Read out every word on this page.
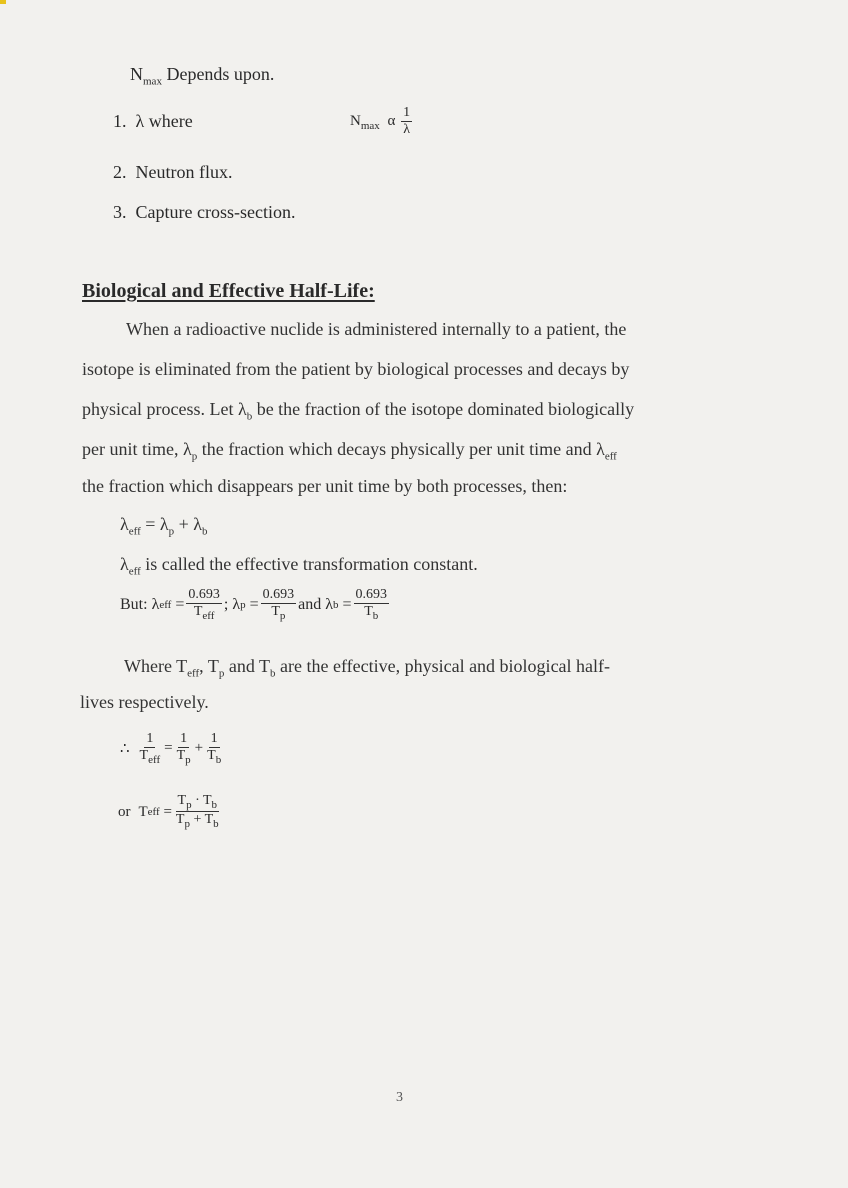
$N_{max}$ Depends upon.
1. λ where	$N_{max}$ α $\frac{1}{\lambda}$
2. Neutron flux.
3. Capture cross-section.
Biological and Effective Half-Life:
When a radioactive nuclide is administered internally to a patient, the
isotope is eliminated from the patient by biological processes and decays by
physical process. Let $\lambda_b$ be the fraction of the isotope dominated biologically
per unit time, $\lambda_p$ the fraction which decays physically per unit time and $\lambda_{eff}$
the fraction which disappears per unit time by both processes, then:
$\lambda_{eff} = \lambda_p + \lambda_b$
$\lambda_{eff}$ is called the effective transformation constant.
But: λ eff = $\frac{0.693}{T_{eff}}$ ; λ $p = \frac{0.693}{T_p}$ and λ $b = \frac{0.693}{T_b}$
Where $T_{eff}$, $T_p$ and $T_b$ are the effective, physical and biological half-
lives respectively.
∴ $\frac{1}{T_{eff}} = \frac{1}{T_p} + \frac{1}{T_b}$
or T eff = $\frac{T_p \cdot T_b}{T_p + T_b}$
3
